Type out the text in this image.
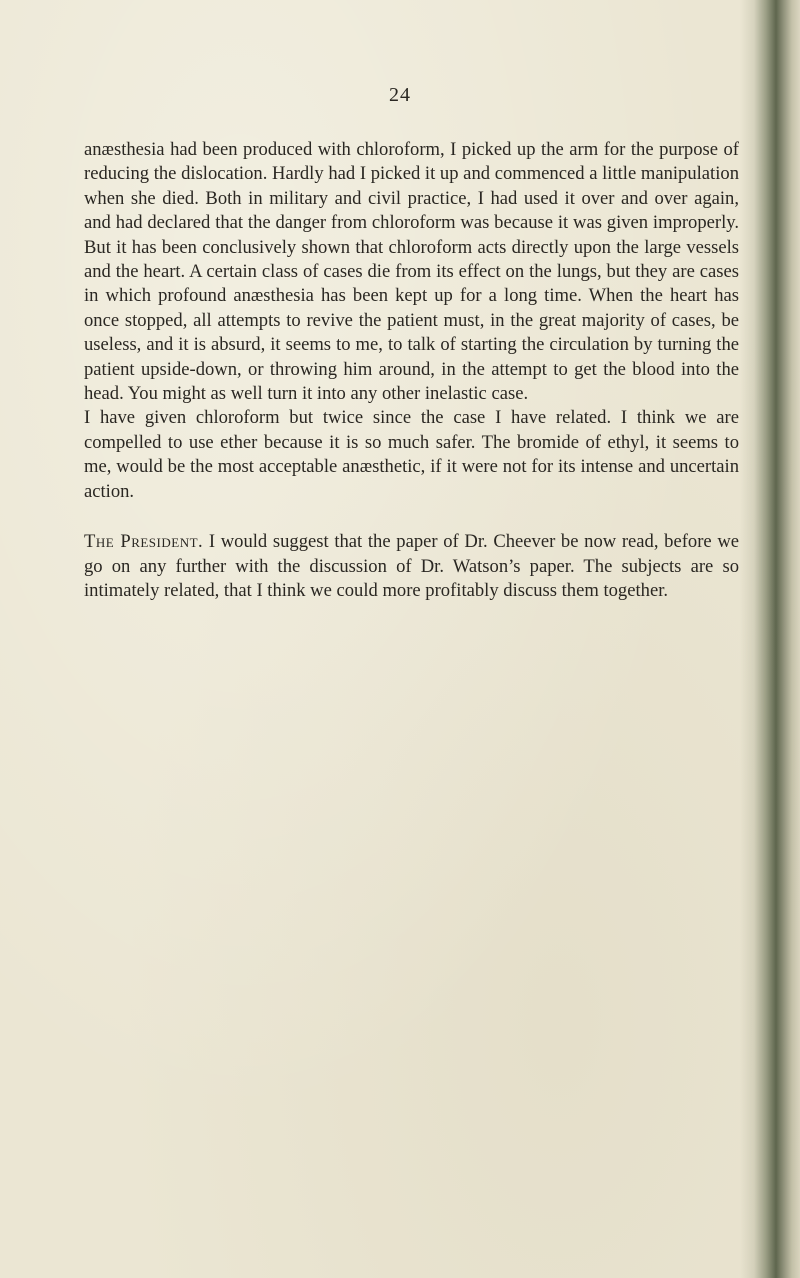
24

anæsthesia had been produced with chloroform, I picked up the arm for the purpose of reducing the dislocation. Hardly had I picked it up and commenced a little manipulation when she died. Both in military and civil practice, I had used it over and over again, and had declared that the danger from chloroform was because it was given improperly. But it has been conclusively shown that chloroform acts directly upon the large vessels and the heart. A certain class of cases die from its effect on the lungs, but they are cases in which profound anæsthesia has been kept up for a long time. When the heart has once stopped, all attempts to revive the patient must, in the great majority of cases, be useless, and it is absurd, it seems to me, to talk of starting the circulation by turning the patient upside-down, or throwing him around, in the attempt to get the blood into the head. You might as well turn it into any other inelastic case.

I have given chloroform but twice since the case I have related. I think we are compelled to use ether because it is so much safer. The bromide of ethyl, it seems to me, would be the most acceptable anæsthetic, if it were not for its intense and uncertain action.

The President. I would suggest that the paper of Dr. Cheever be now read, before we go on any further with the discussion of Dr. Watson’s paper. The subjects are so intimately related, that I think we could more profitably discuss them together.
